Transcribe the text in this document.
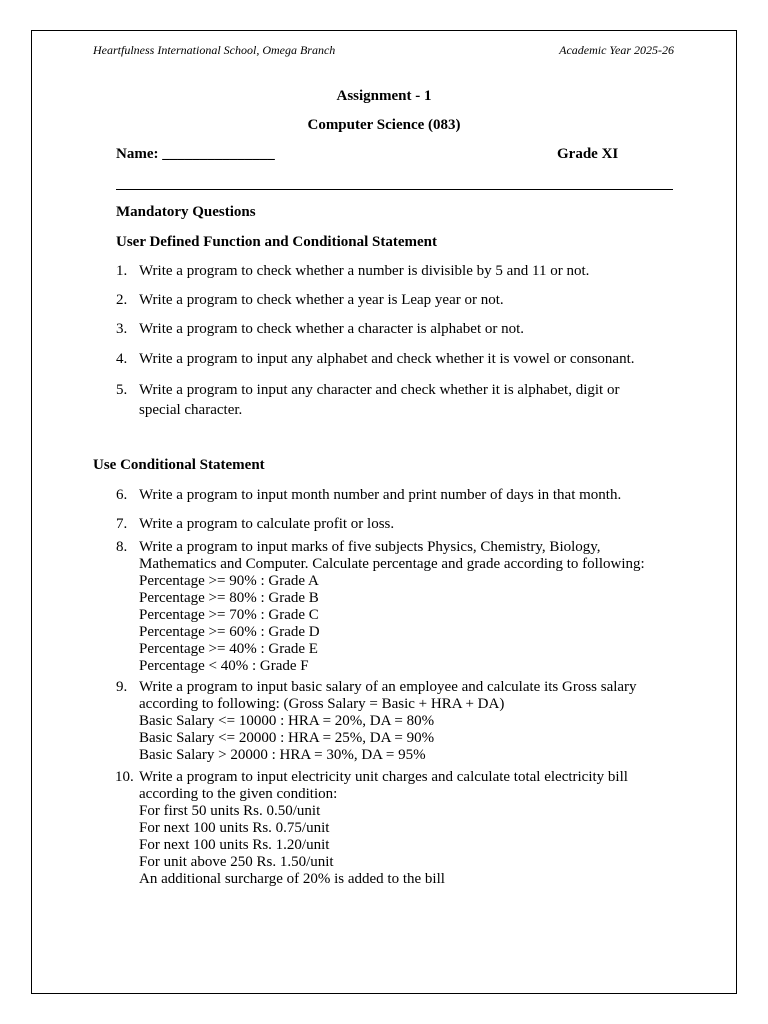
Heartfulness International School, Omega Branch	Academic Year 2025-26
Assignment - 1
Computer Science (083)
Name: _______________	Grade XI
Mandatory Questions
User Defined Function and Conditional Statement
1. Write a program to check whether a number is divisible by 5 and 11 or not.
2. Write a program to check whether a year is Leap year or not.
3. Write a program to check whether a character is alphabet or not.
4. Write a program to input any alphabet and check whether it is vowel or consonant.
5. Write a program to input any character and check whether it is alphabet, digit or
special character.
Use Conditional Statement
6. Write a program to input month number and print number of days in that month.
7. Write a program to calculate profit or loss.
8. Write a program to input marks of five subjects Physics, Chemistry, Biology,
Mathematics and Computer. Calculate percentage and grade according to following:
Percentage >= 90% : Grade A
Percentage >= 80% : Grade B
Percentage >= 70% : Grade C
Percentage >= 60% : Grade D
Percentage >= 40% : Grade E
Percentage < 40% : Grade F
9. Write a program to input basic salary of an employee and calculate its Gross salary
according to following: (Gross Salary = Basic + HRA + DA)
Basic Salary <= 10000 : HRA = 20%, DA = 80%
Basic Salary <= 20000 : HRA = 25%, DA = 90%
Basic Salary > 20000 : HRA = 30%, DA = 95%
10. Write a program to input electricity unit charges and calculate total electricity bill
according to the given condition:
For first 50 units Rs. 0.50/unit
For next 100 units Rs. 0.75/unit
For next 100 units Rs. 1.20/unit
For unit above 250 Rs. 1.50/unit
An additional surcharge of 20% is added to the bill
